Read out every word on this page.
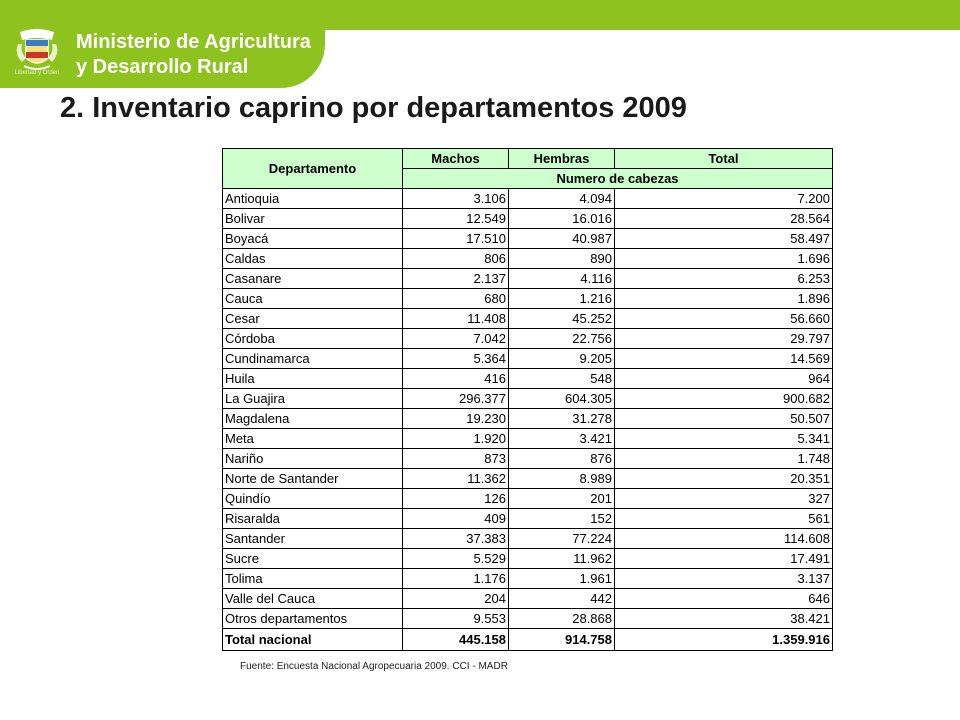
Libertad y Orden
Ministerio de Agricultura
y Desarrollo Rural
2. Inventario caprino por departamentos 2009
Departamento	Machos	Hembras	Total
	Numero de cabezas		
Antioquia	3.106	4.094	7.200
Bolivar	12.549	16.016	28.564
Boyacá	17.510	40.987	58.497
Caldas	806	890	1.696
Casanare	2.137	4.116	6.253
Cauca	680	1.216	1.896
Cesar	11.408	45.252	56.660
Córdoba	7.042	22.756	29.797
Cundinamarca	5.364	9.205	14.569
Huila	416	548	964
La Guajira	296.377	604.305	900.682
Magdalena	19.230	31.278	50.507
Meta	1.920	3.421	5.341
Nariño	873	876	1.748
Norte de Santander	11.362	8.989	20.351
Quindío	126	201	327
Risaralda	409	152	561
Santander	37.383	77.224	114.608
Sucre	5.529	11.962	17.491
Tolima	1.176	1.961	3.137
Valle del Cauca	204	442	646
Otros departamentos	9.553	28.868	38.421
Total nacional	445.158	914.758	1.359.916
Fuente: Encuesta Nacional Agropecuaria 2009. CCI - MADR
